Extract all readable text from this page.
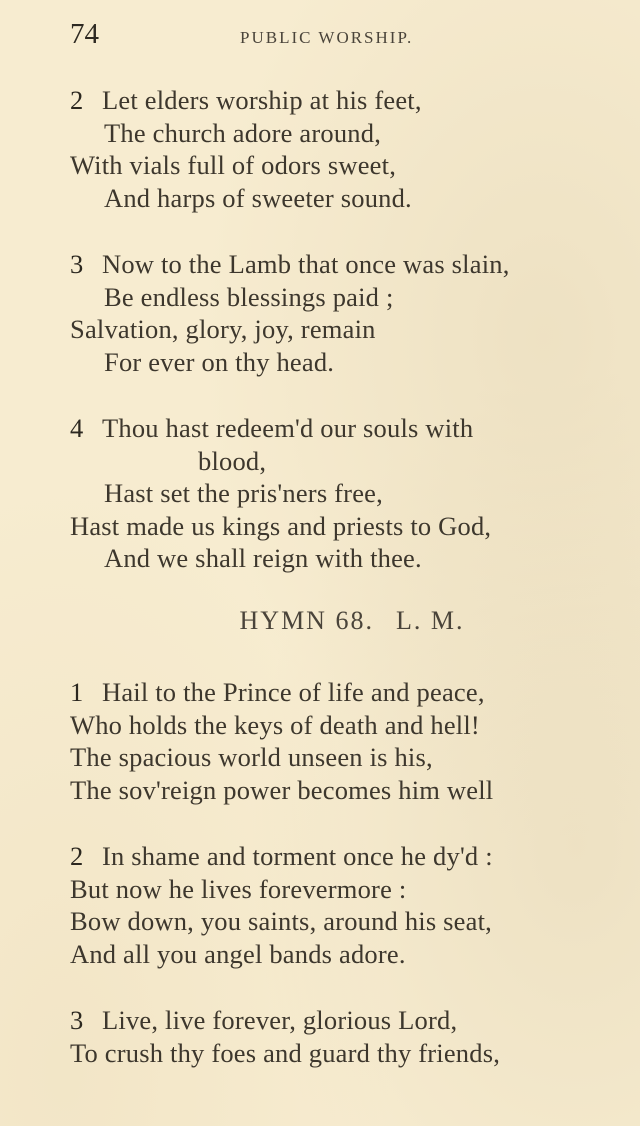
74	PUBLIC WORSHIP.
2 Let elders worship at his feet,
The church adore around,
With vials full of odors sweet,
And harps of sweeter sound.
3 Now to the Lamb that once was slain,
Be endless blessings paid ;
Salvation, glory, joy, remain
For ever on thy head.
4 Thou hast redeem'd our souls with
blood,
Hast set the pris'ners free,
Hast made us kings and priests to God,
And we shall reign with thee.
HYMN 68. L. M.
1 Hail to the Prince of life and peace,
Who holds the keys of death and hell!
The spacious world unseen is his,
The sov'reign power becomes him well
2 In shame and torment once he dy'd :
But now he lives forevermore :
Bow down, you saints, around his seat,
And all you angel bands adore.
3 Live, live forever, glorious Lord,
To crush thy foes and guard thy friends,
